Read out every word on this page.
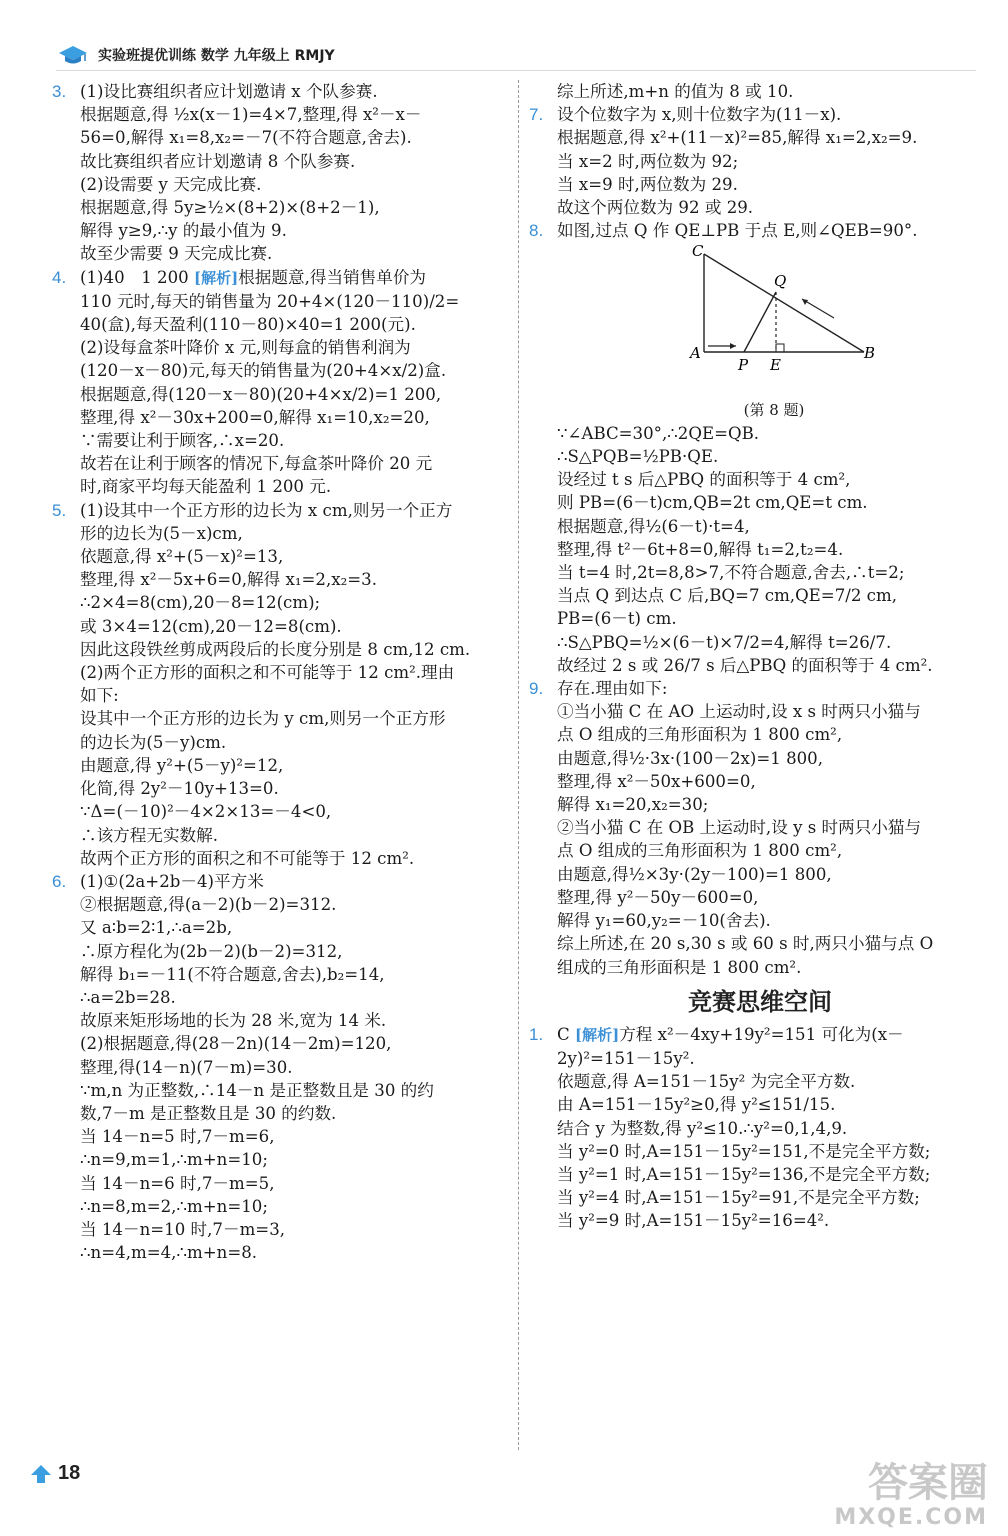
实验班提优训练 数学 九年级上 RMJY
3. (1)设比赛组织者应计划邀请 x 个队参赛.
根据题意,得 ½x(x－1)=4×7,整理,得 x²－x－
56=0,解得 x₁=8,x₂=－7(不符合题意,舍去).
故比赛组织者应计划邀请 8 个队参赛.
(2)设需要 y 天完成比赛.
根据题意,得 5y≥½×(8+2)×(8+2－1),
解得 y≥9,∴y 的最小值为 9.
故至少需要 9 天完成比赛.
4. (1)40　1 200 [解析]根据题意,得当销售单价为
110 元时,每天的销售量为 20+4×(120－110)/2=
40(盒),每天盈利(110－80)×40=1 200(元).
(2)设每盒茶叶降价 x 元,则每盒的销售利润为
(120－x－80)元,每天的销售量为(20+4×x/2)盒.
根据题意,得(120－x－80)(20+4×x/2)=1 200,
整理,得 x²－30x+200=0,解得 x₁=10,x₂=20,
∵需要让利于顾客,∴x=20.
故若在让利于顾客的情况下,每盒茶叶降价 20 元
时,商家平均每天能盈利 1 200 元.
5. (1)设其中一个正方形的边长为 x cm,则另一个正方
形的边长为(5－x)cm,
依题意,得 x²+(5－x)²=13,
整理,得 x²－5x+6=0,解得 x₁=2,x₂=3.
∴2×4=8(cm),20－8=12(cm);
或 3×4=12(cm),20－12=8(cm).
因此这段铁丝剪成两段后的长度分别是 8 cm,12 cm.
(2)两个正方形的面积之和不可能等于 12 cm².理由
如下:
设其中一个正方形的边长为 y cm,则另一个正方形
的边长为(5－y)cm.
由题意,得 y²+(5－y)²=12,
化简,得 2y²－10y+13=0.
∵Δ=(－10)²－4×2×13=－4<0,
∴该方程无实数解.
故两个正方形的面积之和不可能等于 12 cm².
6. (1)①(2a+2b－4)平方米
②根据题意,得(a－2)(b－2)=312.
又 a∶b=2∶1,∴a=2b,
∴原方程化为(2b－2)(b－2)=312,
解得 b₁=－11(不符合题意,舍去),b₂=14,
∴a=2b=28.
故原来矩形场地的长为 28 米,宽为 14 米.
(2)根据题意,得(28－2n)(14－2m)=120,
整理,得(14－n)(7－m)=30.
∵m,n 为正整数,∴14－n 是正整数且是 30 的约
数,7－m 是正整数且是 30 的约数.
当 14－n=5 时,7－m=6,
∴n=9,m=1,∴m+n=10;
当 14－n=6 时,7－m=5,
∴n=8,m=2,∴m+n=10;
当 14－n=10 时,7－m=3,
∴n=4,m=4,∴m+n=8.
综上所述,m+n 的值为 8 或 10.
7. 设个位数字为 x,则十位数字为(11－x).
根据题意,得 x²+(11－x)²=85,解得 x₁=2,x₂=9.
当 x=2 时,两位数为 92;
当 x=9 时,两位数为 29.
故这个两位数为 92 或 29.
8. 如图,过点 Q 作 QE⊥PB 于点 E,则∠QEB=90°.
C
Q
A
P E
B
(第 8 题)
∵∠ABC=30°,∴2QE=QB.
∴S△PQB=½PB·QE.
设经过 t s 后△PBQ 的面积等于 4 cm²,
则 PB=(6－t)cm,QB=2t cm,QE=t cm.
根据题意,得½(6－t)·t=4,
整理,得 t²－6t+8=0,解得 t₁=2,t₂=4.
当 t=4 时,2t=8,8>7,不符合题意,舍去,∴t=2;
当点 Q 到达点 C 后,BQ=7 cm,QE=7/2 cm,
PB=(6－t) cm.
∴S△PBQ=½×(6－t)×7/2=4,解得 t=26/7.
故经过 2 s 或 26/7 s 后△PBQ 的面积等于 4 cm².
9. 存在.理由如下:
①当小猫 C 在 AO 上运动时,设 x s 时两只小猫与
点 O 组成的三角形面积为 1 800 cm²,
由题意,得½·3x·(100－2x)=1 800,
整理,得 x²－50x+600=0,
解得 x₁=20,x₂=30;
②当小猫 C 在 OB 上运动时,设 y s 时两只小猫与
点 O 组成的三角形面积为 1 800 cm²,
由题意,得½×3y·(2y－100)=1 800,
整理,得 y²－50y－600=0,
解得 y₁=60,y₂=－10(舍去).
综上所述,在 20 s,30 s 或 60 s 时,两只小猫与点 O
组成的三角形面积是 1 800 cm².
竞赛思维空间
1. C [解析]方程 x²－4xy+19y²=151 可化为(x－
2y)²=151－15y².
依题意,得 A=151－15y² 为完全平方数.
由 A=151－15y²≥0,得 y²≤151/15.
结合 y 为整数,得 y²≤10.∴y²=0,1,4,9.
当 y²=0 时,A=151－15y²=151,不是完全平方数;
当 y²=1 时,A=151－15y²=136,不是完全平方数;
当 y²=4 时,A=151－15y²=91,不是完全平方数;
当 y²=9 时,A=151－15y²=16=4².
18	答案圈
MXQE.COM
